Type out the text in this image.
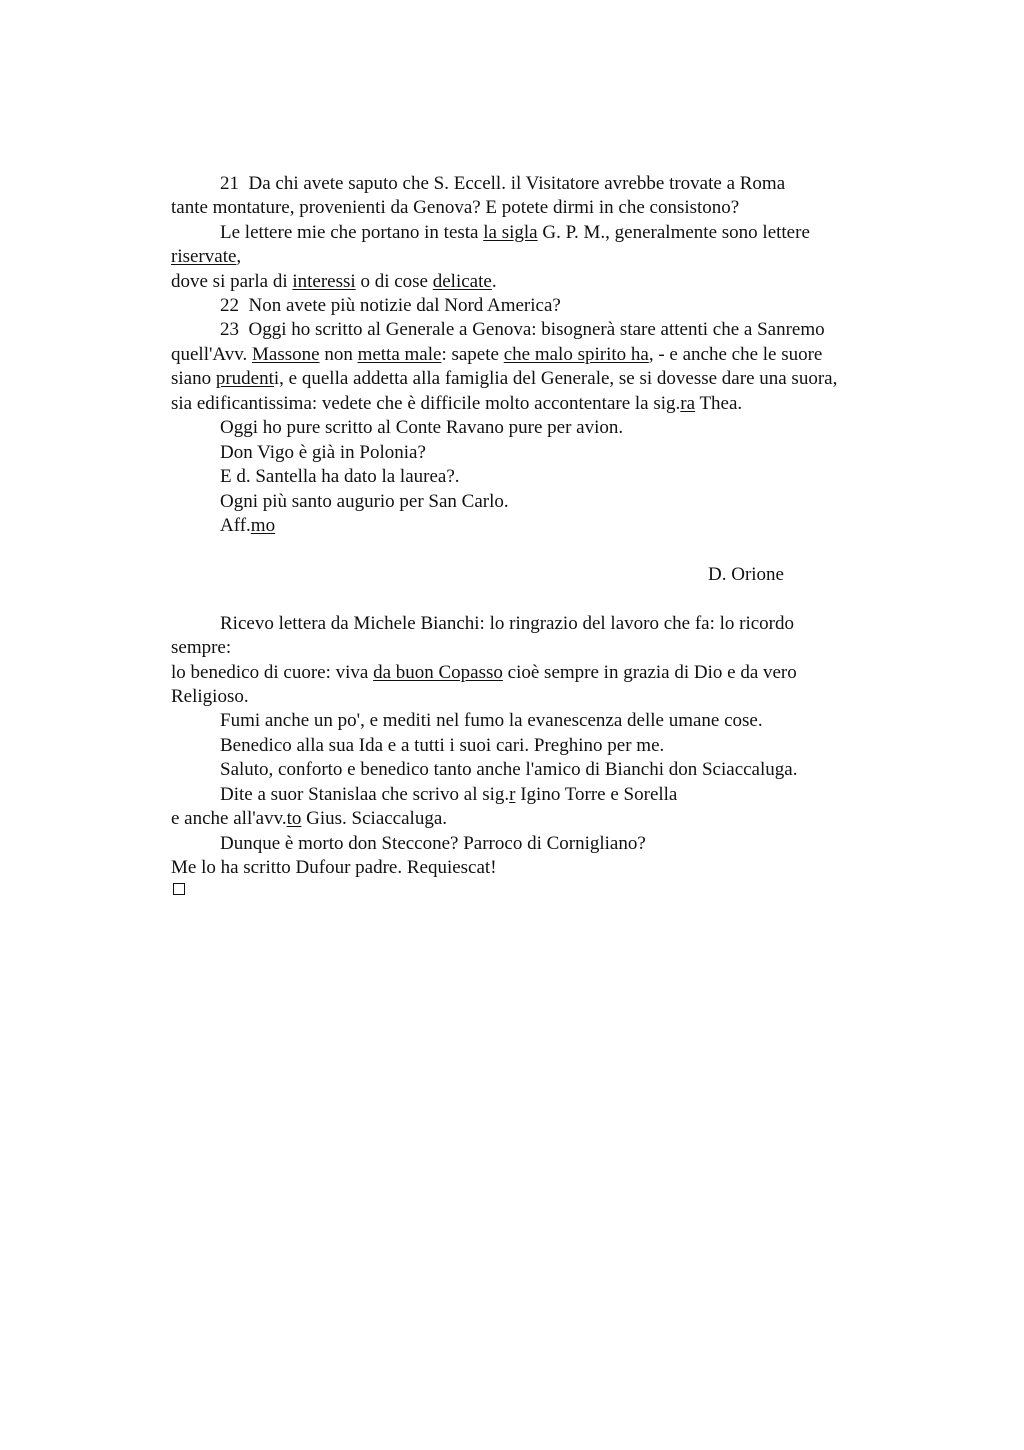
21  Da chi avete saputo che S. Eccell. il Visitatore avrebbe trovate a Roma
tante montature, provenienti da Genova? E potete dirmi in che consistono?
Le lettere mie che portano in testa la sigla G. P. M., generalmente sono lettere
riservate,
dove si parla di interessi o di cose delicate.
22  Non avete più notizie dal Nord America?
23  Oggi ho scritto al Generale a Genova: bisognerà stare attenti che a Sanremo
quell'Avv. Massone non metta male: sapete che malo spirito ha, - e anche che le suore
siano prudenti, e quella addetta alla famiglia del Generale, se si dovesse dare una suora,
sia edificantissima: vedete che è difficile molto accontentare la sig.ra Thea.
Oggi ho pure scritto al Conte Ravano pure per avion.
Don Vigo è già in Polonia?
E d. Santella ha dato la laurea?.
Ogni più santo augurio per San Carlo.
Aff.mo
D. Orione
Ricevo lettera da Michele Bianchi: lo ringrazio del lavoro che fa: lo ricordo
sempre:
lo benedico di cuore: viva da buon Copasso cioè sempre in grazia di Dio e da vero
Religioso.
Fumi anche un po', e mediti nel fumo la evanescenza delle umane cose.
Benedico alla sua Ida e a tutti i suoi cari. Preghino per me.
Saluto, conforto e benedico tanto anche l'amico di Bianchi don Sciaccaluga.
Dite a suor Stanislaa che scrivo al sig.r Igino Torre e Sorella
e anche all'avv.to Gius. Sciaccaluga.
Dunque è morto don Steccone? Parroco di Cornigliano?
Me lo ha scritto Dufour padre. Requiescat!
